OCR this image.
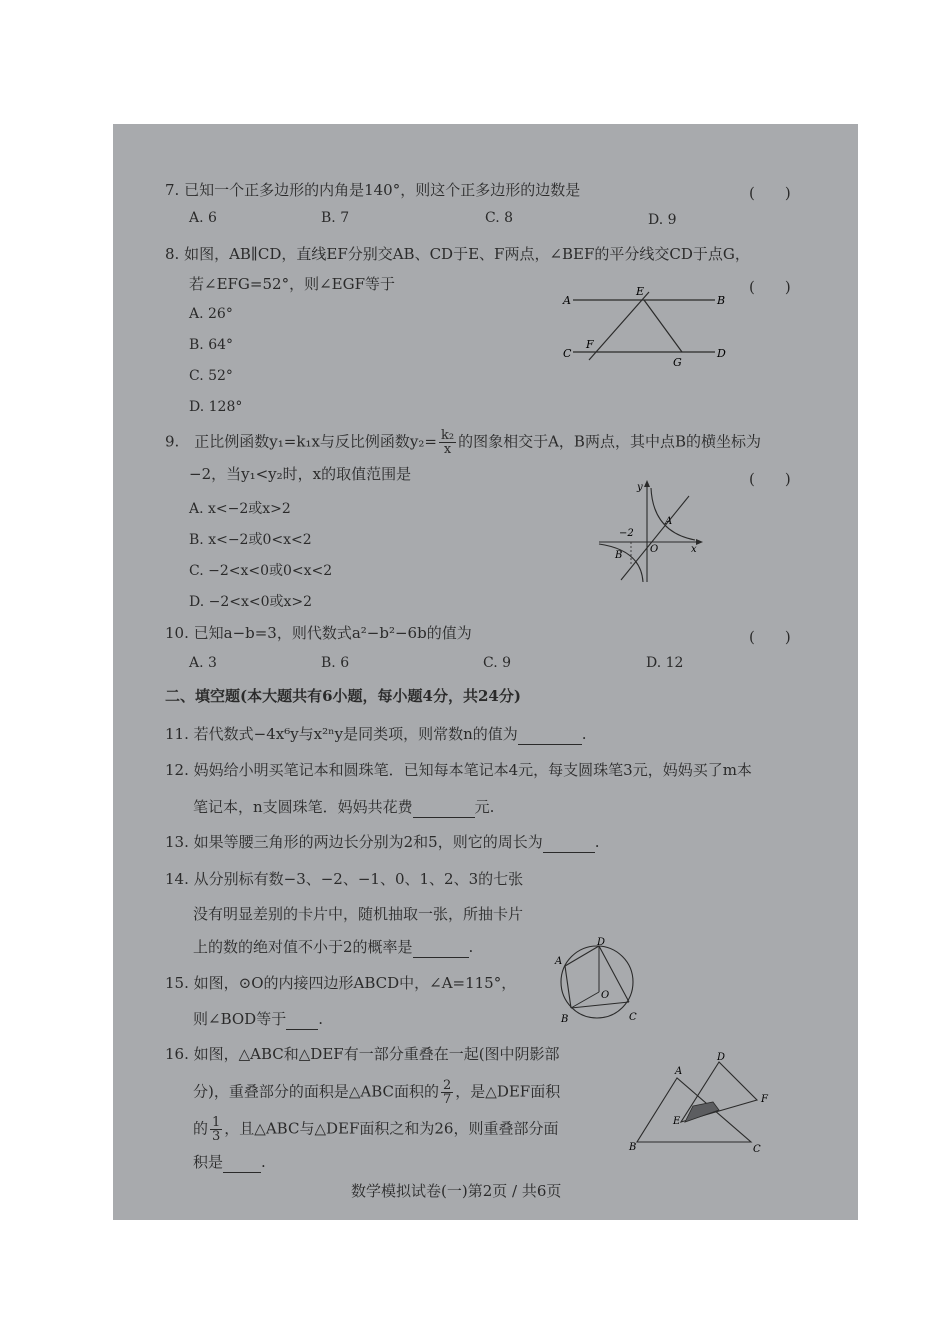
7. 已知一个正多边形的内角是140°，则这个正多边形的边数是	(　　)
A. 6	B. 7	C. 8	D. 9
8. 如图，AB∥CD，直线EF分别交AB、CD于E、F两点，∠BEF的平分线交CD于点G，
若∠EFG=52°，则∠EGF等于	(　　)
A. 26°
B. 64°
C. 52°
D. 128°
A	B
C	D
E
F
G
9.　正比例函数y₁=k₁x与反比例函数$y_2= \frac{\text{k₂}}{x}$ 的图象相交于A，B两点，其中点B的横坐标为
−2，当y₁<y₂时，x的取值范围是	(　　)
A. x<−2或x>2
B. x<−2或0<x<2
C. −2<x<0或0<x<2
D. −2<x<0或x>2
y
x
O
A
B
−2
10. 已知a−b=3，则代数式a²−b²−6b的值为	(　　)
A. 3	B. 6	C. 9	D. 12
二、填空题(本大题共有6小题，每小题4分，共24分)
11. 若代数式−4x⁶y与x²ⁿy是同类项，则常数n的值为	.
12. 妈妈给小明买笔记本和圆珠笔．已知每本笔记本4元，每支圆珠笔3元，妈妈买了m本
笔记本，n支圆珠笔．妈妈共花费	元.
13. 如果等腰三角形的两边长分别为2和5，则它的周长为	.
14. 从分别标有数−3、−2、−1、0、1、2、3的七张
没有明显差别的卡片中，随机抽取一张，所抽卡片
上的数的绝对值不小于2的概率是	.
15. 如图，⊙O的内接四边形ABCD中，∠A=115°，
则∠BOD等于 .
A
B	C
D
O
16. 如图，△ABC和△DEF有一部分重叠在一起(图中阴影部
分)，重叠部分的面积是△ABC面积的 $\frac{2}{7}$ ，是△DEF面积
的 $\frac{1}{3}$ ，且△ABC与△DEF面积之和为26，则重叠部分面
积是	.
A
B	C
D
E
F
数学模拟试卷(一)第2页 / 共6页
